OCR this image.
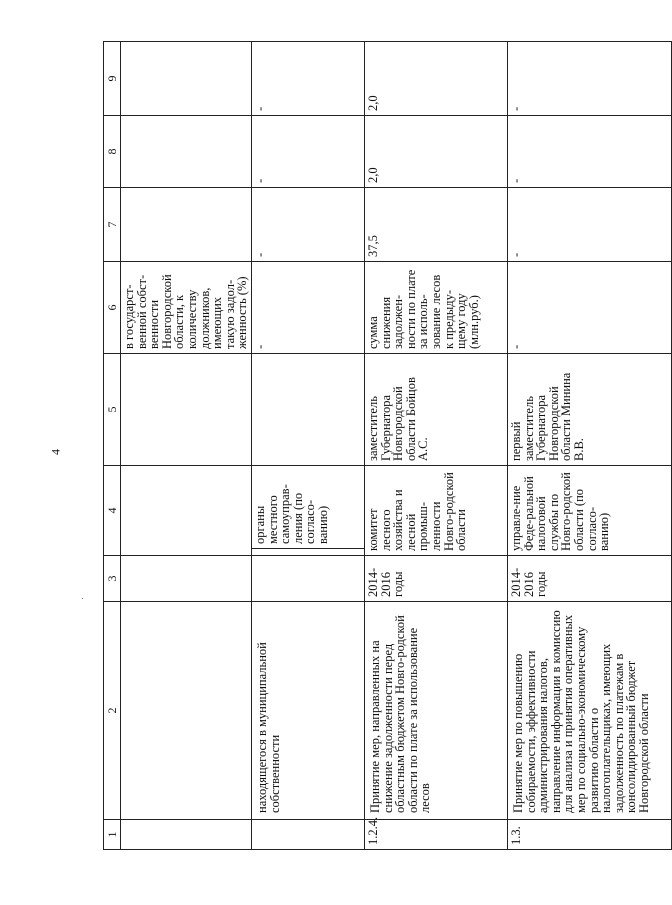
4
1	2	3	4	5	6	7	8	9
					в государст-венной собст-венности Новгородской области, к количеству должников, имеющих такую задол-женность (%)			
	находящегося в муниципальной собственности		органы местного самоуправ-ления (по согласо-ванию)		-	-	-	-
1.2.4.	Принятие мер, направленных на снижение задолженности перед областным бюджетом Новго-родской области по плате за использование лесов	2014-2016 годы	комитет лесного хозяйства и лесной промыш-ленности Новго-родской области	заместитель Губернатора Новгородской области Бойцов А.С.	сумма снижения задолжен-ности по плате за исполь-зование лесов к предыду-щему году (млн.руб.)	37,5	2,0	2,0
1.3.	Принятие мер по повышению собираемости, эффективности администрирования налогов, направление информации в комиссию для анализа и принятия оперативных мер по социально-экономическому развитию области о налогоплательщиках, имеющих задолженность по платежам в консолидированный бюджет Новгородской области	2014-2016 годы	управле-ние Феде-ральной налоговой службы по Новго-родской области (по согласо-ванию)	первый заместитель Губернатора Новгородской области Минина В.В.	-	-	-	-
